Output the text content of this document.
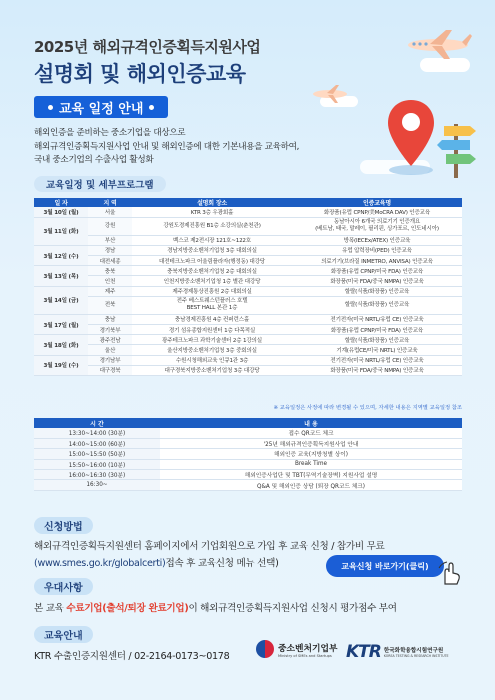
2025년 해외규격인증획득지원사업
설명회 및 해외인증교육
교육 일정 안내
해외인증을 준비하는 중소기업을 대상으로
해외규격인증획득지원사업 안내 및 해외인증에 대한 기본내용을 교육하여,
국내 중소기업의 수출사업 활성화
교육일정 및 세부프로그램
일 자	지 역	설명회 장소	인증교육명
3월 10일 (월)	서울	KTR 3층 우광회홀	화장품(유럽 CPNP/美MoCRA DAV) 인증교육
3월 11일 (화)	강원	강원도경제진흥원 B1층 소강의실(춘천관)	동남아시아 6개국 의료기기 인증개요
(베트남, 태국, 말레이, 필리핀, 싱가포르, 인도네시아)

	부산	벡스코 제2전시장 121호~122호	방폭(IECEx/ATEX) 인증교육
3월 12일 (수)	경남	경남지방중소벤처기업청 3층 대회의실	유럽 압력장비(PED) 인증교육
	대전세종	대전테크노파크 어울림플라자(행정동) 대강당	의료기기(브라질 INMETRO, ANVISA) 인증교육
3월 13일 (목)	충북	충북지방중소벤처기업청 2층 대회의실	화장품(유럽 CPNP/미국 FDA) 인증교육
	인천	인천지방중소벤처기업청 1층 별관 대강당	화장품(미국 FDA/중국 NMPA) 인증교육
3월 14일 (금)	제주	제주경제통상진흥원 2층 대회의실	할랄(식품/화장품) 인증교육
	전북	전주 베스트웨스턴플러스 호텔
BEST HALL 본관 1층	할랄(식품/화장품) 인증교육
3월 17일 (월)	충남	충남경제진흥원 4층 컨퍼런스홀	전기전자(미국 NRTL/유럽 CE) 인증교육
	경기북부	경기 섬유종합지원센터 1층 다목적실	화장품(유럽 CPNP/미국 FDA) 인증교육
3월 18일 (화)	광주전남	광주테크노파크 과학기술센터 2층 1강의실	할랄(식품/화장품) 인증교육
	울산	울산지방중소벤처기업청 3층 중회의실	기계(유럽CE/미국 NRTL) 인증교육
3월 19일 (수)	경기남부	수원시청해외교육 인큐1관 3층	전기전자(미국 NRTL/유럽 CE) 인증교육
	대구경북	대구경북지방중소벤처기업청 3층 대강당	화장품(미국 FDA/중국 NMPA) 인증교육
※ 교육일정은 사정에 따라 변경될 수 있으며, 자세한 내용은 지역별 교육일정 참조
시 간	내 용
13:30~14:00 (30분)	접수 QR코드 체크
14:00~15:00 (60분)	'25년 해외규격인증획득지원사업 안내
15:00~15:50 (50분)	해외인증 교육(지방청별 상이)
15:50~16:00 (10분)	Break Time
16:00~16:30 (30분)	해외인증사업단 및 TBT(무역기술장벽) 지원사업 설명
16:30~	Q&A 및 해외인증 상담 (퇴장 QR코드 체크)
신청방법
해외규격인증획득지원센터 홈페이지에서 기업회원으로 가입 후 교육 신청 / 참가비 무료
(www.smes.go.kr/globalcerti)접속 후 교육신청 메뉴 선택)	교육신청 바로가기(클릭)
우대사항
본 교육 수료기업(출석/퇴장 완료기업)이 해외규격인증획득지원사업 신청시 평가점수 부여
교육안내
KTR 수출인증지원센터 / 02-2164-0173~0178
중소벤처기업부
Ministry of SMEs and Startups KTR 한국화학융합시험연구원
KOREA TESTING & RESEARCH INSTITUTE
